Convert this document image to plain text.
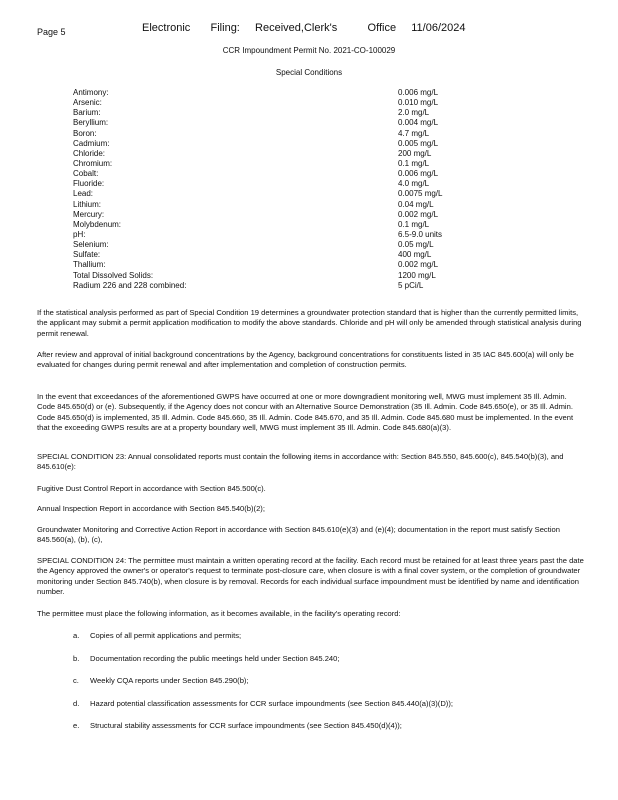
Page 5	Electronic    Filing:   Received,Clerk's      Office   11/06/2024
CCR Impoundment Permit No. 2021-CO-100029
Special Conditions
Antimony:	0.006 mg/L
Arsenic:	0.010 mg/L
Barium:	2.0 mg/L
Beryllium:	0.004 mg/L
Boron:	4.7 mg/L
Cadmium:	0.005 mg/L
Chloride:	200 mg/L
Chromium:	0.1 mg/L
Cobalt:	0.006 mg/L
Fluoride:	4.0 mg/L
Lead:	0.0075 mg/L
Lithium:	0.04 mg/L
Mercury:	0.002 mg/L
Molybdenum:	0.1 mg/L
pH:	6.5-9.0 units
Selenium:	0.05 mg/L
Sulfate:	400 mg/L
Thallium:	0.002 mg/L
Total Dissolved Solids:	1200 mg/L
Radium 226 and 228 combined:	5 pCi/L

If the statistical analysis performed as part of Special Condition 19 determines a groundwater protection standard that is higher than the currently permitted limits, the applicant may submit a permit application modification to modify the above standards. Chloride and pH will only be amended through statistical analysis during permit renewal.

After review and approval of initial background concentrations by the Agency, background concentrations for constituents listed in 35 IAC 845.600(a) will only be evaluated for changes during permit renewal and after implementation and completion of construction permits.

In the event that exceedances of the aforementioned GWPS have occurred at one or more downgradient monitoring well, MWG must implement 35 Ill. Admin. Code 845.650(d) or (e). Subsequently, if the Agency does not concur with an Alternative Source Demonstration (35 Ill. Admin. Code 845.650(e), or 35 Ill. Admin. Code 845.650(d) is implemented, 35 Ill. Admin. Code 845.660, 35 Ill. Admin. Code 845.670, and 35 Ill. Admin. Code 845.680 must be implemented. In the event that the exceeding GWPS results are at a property boundary well, MWG must implement 35 Ill. Admin. Code 845.680(a)(3).

SPECIAL CONDITION 23: Annual consolidated reports must contain the following items in accordance with: Section 845.550, 845.600(c), 845.540(b)(3), and 845.610(e):

Fugitive Dust Control Report in accordance with Section 845.500(c).

Annual Inspection Report in accordance with Section 845.540(b)(2);

Groundwater Monitoring and Corrective Action Report in accordance with Section 845.610(e)(3) and (e)(4); documentation in the report must satisfy Section 845.560(a), (b), (c),

SPECIAL CONDITION 24: The permittee must maintain a written operating record at the facility. Each record must be retained for at least three years past the date the Agency approved the owner's or operator's request to terminate post-closure care, when closure is with a final cover system, or the completion of groundwater monitoring under Section 845.740(b), when closure is by removal. Records for each individual surface impoundment must be identified by name and identification number.

The permittee must place the following information, as it becomes available, in the facility's operating record:

a. Copies of all permit applications and permits;
b. Documentation recording the public meetings held under Section 845.240;
c. Weekly CQA reports under Section 845.290(b);
d. Hazard potential classification assessments for CCR surface impoundments (see Section 845.440(a)(3)(D));
e. Structural stability assessments for CCR surface impoundments (see Section 845.450(d)(4));
